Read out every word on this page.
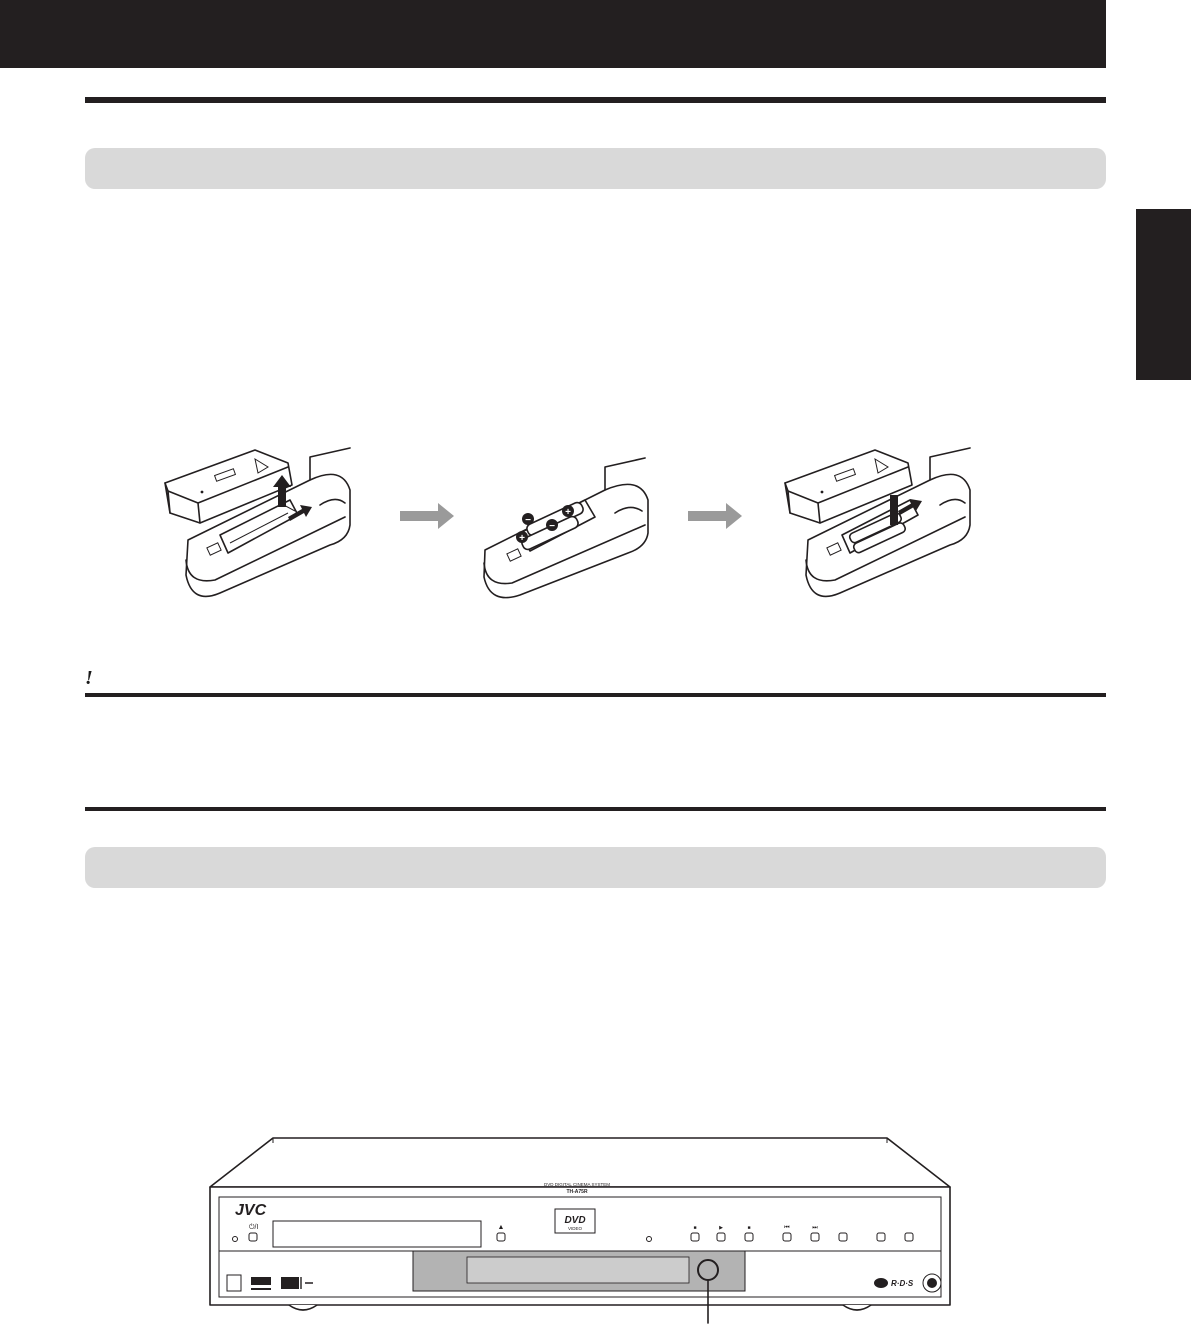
−
+
+
−
!
JVC
DVD DIGITAL CINEMA SYSTEM
TH-A75R
⏻/I	▲
DVD
VIDEO	■	▶	■	⏮	⏭
R·D·S
